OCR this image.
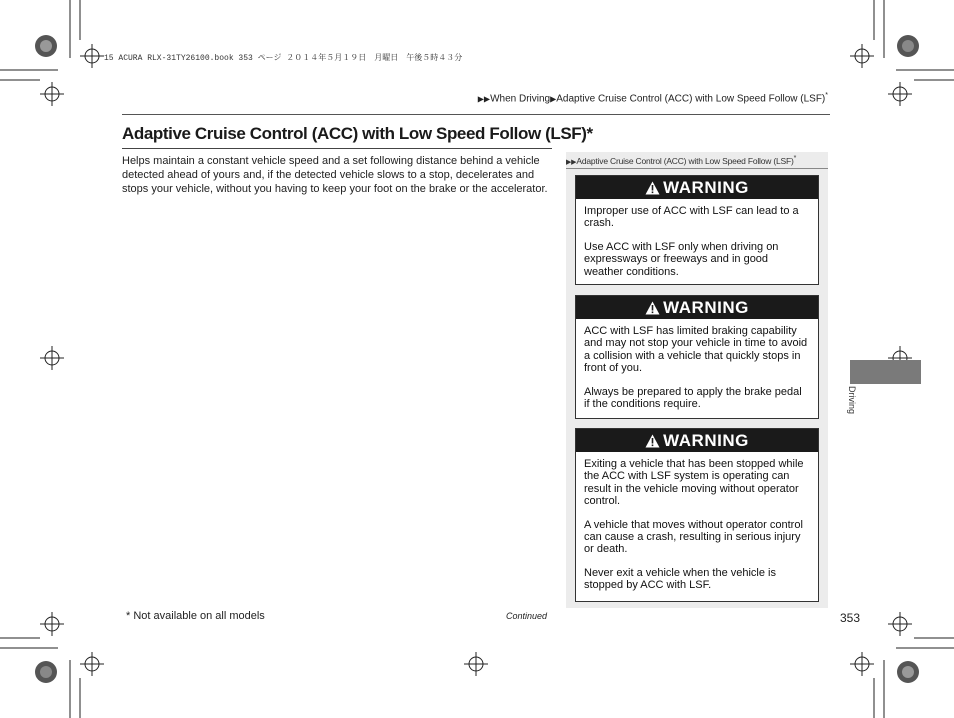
15 ACURA RLX-31TY26100.book 353 ページ ２０１４年５月１９日　月曜日　午後５時４３分
▶▶When Driving▶Adaptive Cruise Control (ACC) with Low Speed Follow (LSF)*
Adaptive Cruise Control (ACC) with Low Speed Follow (LSF)*
Helps maintain a constant vehicle speed and a set following distance behind a vehicle detected ahead of yours and, if the detected vehicle slows to a stop, decelerates and stops your vehicle, without you having to keep your foot on the brake or the accelerator.
▶▶Adaptive Cruise Control (ACC) with Low Speed Follow (LSF)*
WARNING

Improper use of ACC with LSF can lead to a crash.

Use ACC with LSF only when driving on expressways or freeways and in good weather conditions.

WARNING

ACC with LSF has limited braking capability and may not stop your vehicle in time to avoid a collision with a vehicle that quickly stops in front of you.

Always be prepared to apply the brake pedal if the conditions require.

WARNING

Exiting a vehicle that has been stopped while the ACC with LSF system is operating can result in the vehicle moving without operator control.

A vehicle that moves without operator control can cause a crash, resulting in serious injury or death.

Never exit a vehicle when the vehicle is stopped by ACC with LSF.

Driving
* Not available on all models	Continued	353
